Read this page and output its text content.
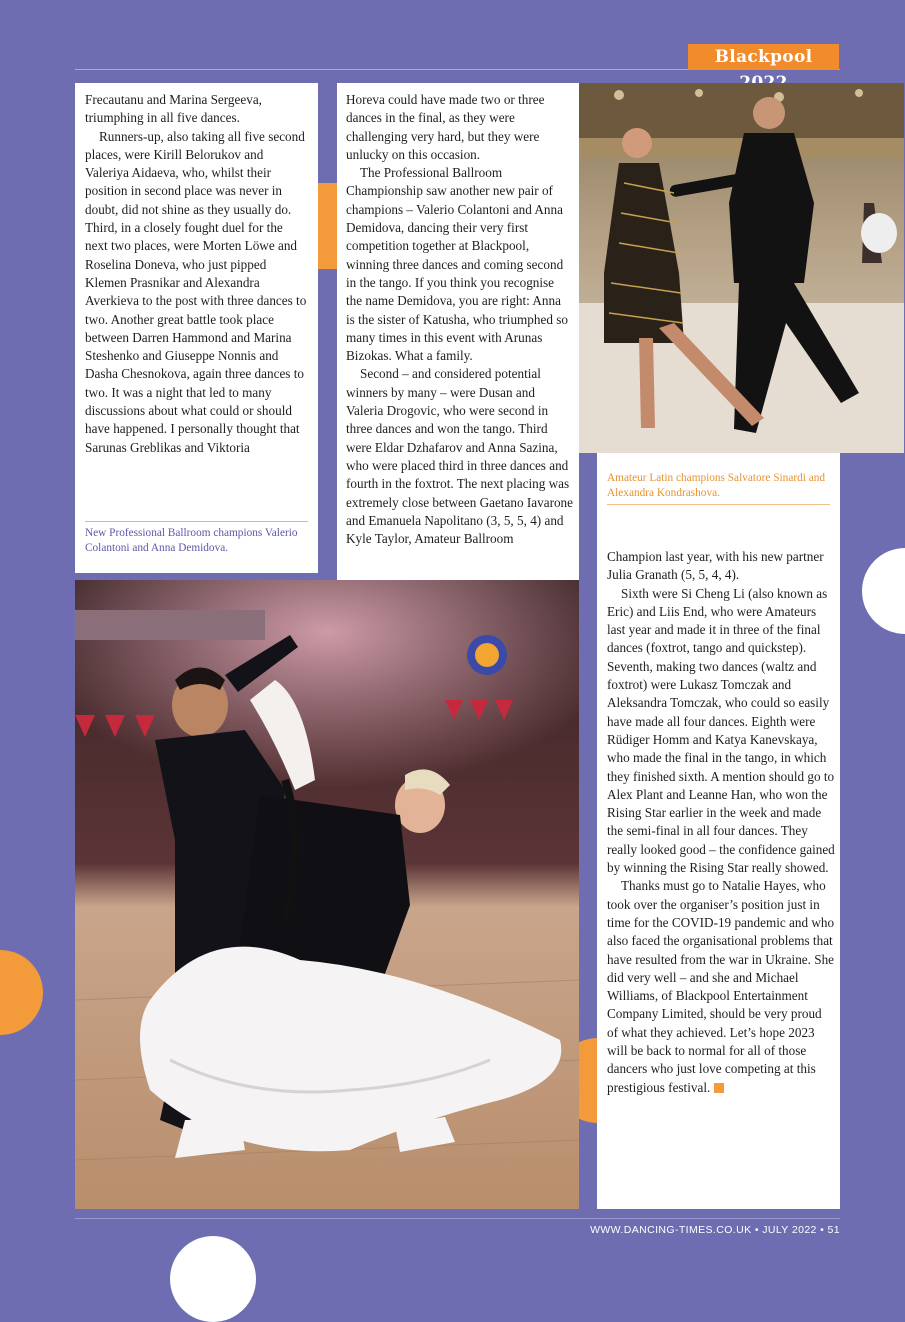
Blackpool

Frecautanu and Marina Sergeeva, triumphing in all five dances.

Runners-up, also taking all five second places, were Kirill Belorukov and Valeriya Aidaeva, who, whilst their position in second place was never in doubt, did not shine as they usually do. Third, in a closely fought duel for the next two places, were Morten Löwe and Roselina Doneva, who just pipped Klemen Prasnikar and Alexandra Averkieva to the post with three dances to two. Another great battle took place between Darren Hammond and Marina Steshenko and Giuseppe Nonnis and Dasha Chesnokova, again three dances to two. It was a night that led to many discussions about what could or should have happened. I personally thought that Sarunas Greblikas and Viktoria

New Professional Ballroom champions Valerio Colantoni and Anna Demidova.

Horeva could have made two or three dances in the final, as they were challenging very hard, but they were unlucky on this occasion.

The Professional Ballroom Championship saw another new pair of champions – Valerio Colantoni and Anna Demidova, dancing their very first competition together at Blackpool, winning three dances and coming second in the tango. If you think you recognise the name Demidova, you are right: Anna is the sister of Katusha, who triumphed so many times in this event with Arunas Bizokas. What a family.

Second – and considered potential winners by many – were Dusan and Valeria Drogovic, who were second in three dances and won the tango. Third were Eldar Dzhafarov and Anna Sazina, who were placed third in three dances and fourth in the foxtrot. The next placing was extremely close between Gaetano Iavarone and Emanuela Napolitano (3, 5, 5, 4) and Kyle Taylor, Amateur Ballroom

Amateur Latin champions Salvatore Sinardi and Alexandra Kondrashova.

Champion last year, with his new partner Julia Granath (5, 5, 4, 4).

Sixth were Si Cheng Li (also known as Eric) and Liis End, who were Amateurs last year and made it in three of the final dances (foxtrot, tango and quickstep). Seventh, making two dances (waltz and foxtrot) were Lukasz Tomczak and Aleksandra Tomczak, who could so easily have made all four dances. Eighth were Rüdiger Homm and Katya Kanevskaya, who made the final in the tango, in which they finished sixth. A mention should go to Alex Plant and Leanne Han, who won the Rising Star earlier in the week and made the semi-final in all four dances. They really looked good – the confidence gained by winning the Rising Star really showed.

Thanks must go to Natalie Hayes, who took over the organiser’s position just in time for the COVID-19 pandemic and who also faced the organisational problems that have resulted from the war in Ukraine. She did very well – and she and Michael Williams, of Blackpool Entertainment Company Limited, should be very proud of what they achieved. Let’s hope 2023 will be back to normal for all of those dancers who just love competing at this prestigious festival.

WWW.DANCING-TIMES.CO.UK • JULY 2022 • 51
